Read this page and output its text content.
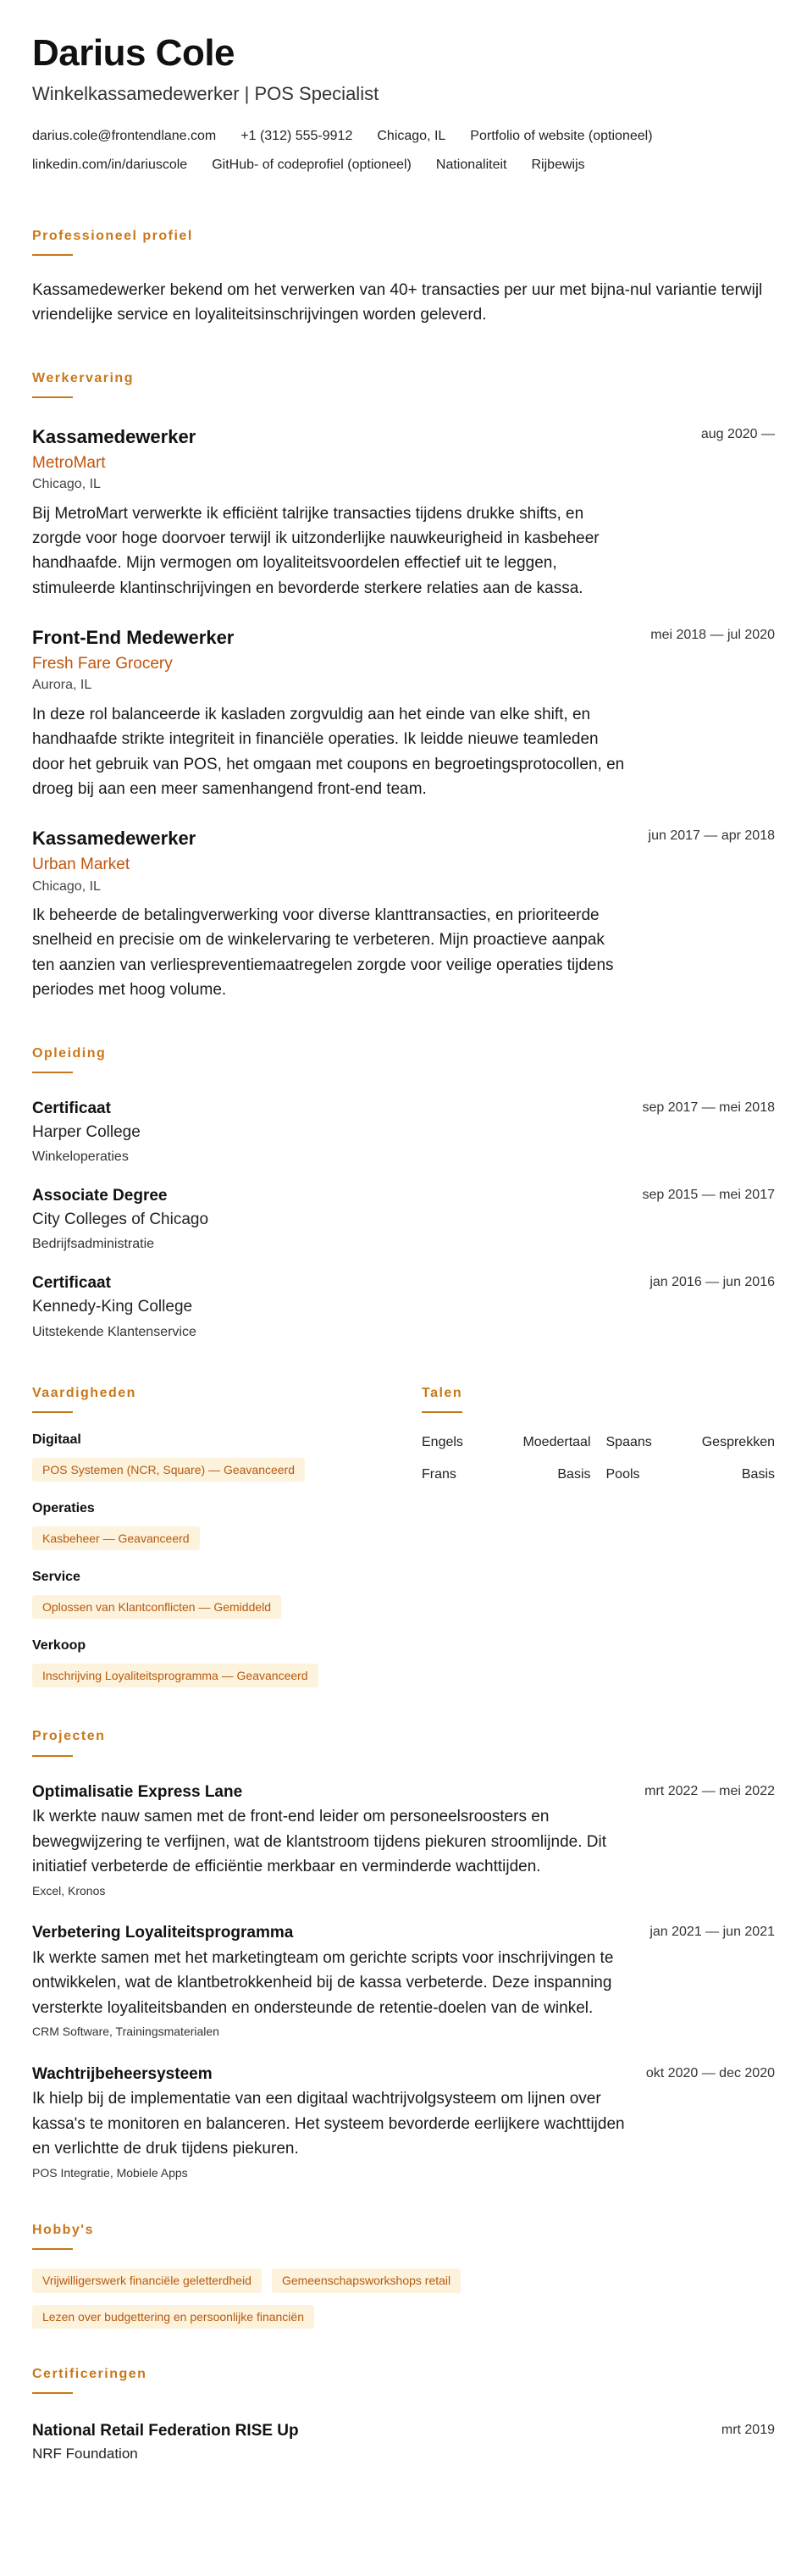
Darius Cole
Winkelkassamedewerker | POS Specialist
darius.cole@frontendlane.com +1 (312) 555-9912 Chicago, IL Portfolio of website (optioneel)
linkedin.com/in/dariuscole GitHub- of codeprofiel (optioneel) Nationaliteit Rijbewijs
Professioneel profiel
Kassamedewerker bekend om het verwerken van 40+ transacties per uur met bijna-nul variantie terwijl vriendelijke service en loyaliteitsinschrijvingen worden geleverd.
Werkervaring
aug 2020 —
Kassamedewerker
MetroMart
Chicago, IL
Bij MetroMart verwerkte ik efficiënt talrijke transacties tijdens drukke shifts, en zorgde voor hoge doorvoer terwijl ik uitzonderlijke nauwkeurigheid in kasbeheer handhaafde. Mijn vermogen om loyaliteitsvoordelen effectief uit te leggen, stimuleerde klantinschrijvingen en bevorderde sterkere relaties aan de kassa.
mei 2018 — jul 2020
Front-End Medewerker
Fresh Fare Grocery
Aurora, IL
In deze rol balanceerde ik kasladen zorgvuldig aan het einde van elke shift, en handhaafde strikte integriteit in financiële operaties. Ik leidde nieuwe teamleden door het gebruik van POS, het omgaan met coupons en begroetingsprotocollen, en droeg bij aan een meer samenhangend front-end team.
jun 2017 — apr 2018
Kassamedewerker
Urban Market
Chicago, IL
Ik beheerde de betalingverwerking voor diverse klanttransacties, en prioriteerde snelheid en precisie om de winkelervaring te verbeteren. Mijn proactieve aanpak ten aanzien van verliespreventiemaatregelen zorgde voor veilige operaties tijdens periodes met hoog volume.
Opleiding
sep 2017 — mei 2018
Certificaat
Harper College
Winkeloperaties
sep 2015 — mei 2017
Associate Degree
City Colleges of Chicago
Bedrijfsadministratie
jan 2016 — jun 2016
Certificaat
Kennedy-King College
Uitstekende Klantenservice
Vaardigheden
Digitaal
POS Systemen (NCR, Square) — Geavanceerd
Operaties
Kasbeheer — Geavanceerd
Service
Oplossen van Klantconflicten — Gemiddeld
Verkoop
Inschrijving Loyaliteitsprogramma — Geavanceerd
Talen
Engels	Moedertaal Spaans	Gesprekken
Frans	Basis Pools	Basis
Projecten
mrt 2022 — mei 2022
Optimalisatie Express Lane
Ik werkte nauw samen met de front-end leider om personeelsroosters en bewegwijzering te verfijnen, wat de klantstroom tijdens piekuren stroomlijnde. Dit initiatief verbeterde de efficiëntie merkbaar en verminderde wachttijden.
Excel, Kronos
jan 2021 — jun 2021
Verbetering Loyaliteitsprogramma
Ik werkte samen met het marketingteam om gerichte scripts voor inschrijvingen te ontwikkelen, wat de klantbetrokkenheid bij de kassa verbeterde. Deze inspanning versterkte loyaliteitsbanden en ondersteunde de retentie-doelen van de winkel.
CRM Software, Trainingsmaterialen
okt 2020 — dec 2020
Wachtrijbeheersysteem
Ik hielp bij de implementatie van een digitaal wachtrijvolgsysteem om lijnen over kassa's te monitoren en balanceren. Het systeem bevorderde eerlijkere wachttijden en verlichtte de druk tijdens piekuren.
POS Integratie, Mobiele Apps
Hobby's
Vrijwilligerswerk financiële geletterdheid	Gemeenschapsworkshops retail
Lezen over budgettering en persoonlijke financiën
Certificeringen
mrt 2019
National Retail Federation RISE Up
NRF Foundation
